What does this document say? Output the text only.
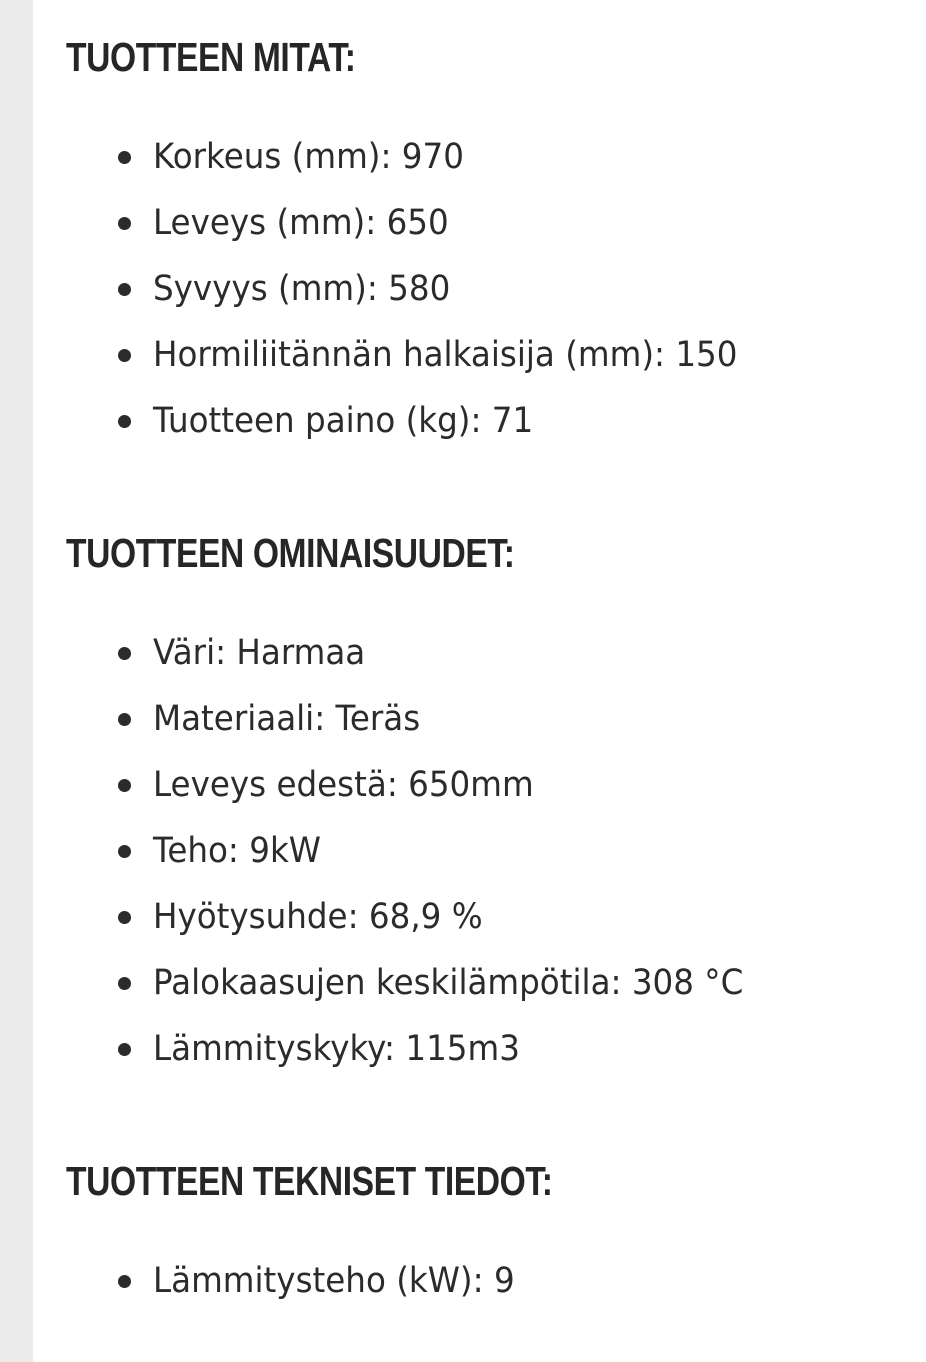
TUOTTEEN MITAT:
Korkeus (mm): 970
Leveys (mm): 650
Syvyys (mm): 580
Hormiliitännän halkaisija (mm): 150
Tuotteen paino (kg): 71
TUOTTEEN OMINAISUUDET:
Väri: Harmaa
Materiaali: Teräs
Leveys edestä: 650mm
Teho: 9kW
Hyötysuhde: 68,9 %
Palokaasujen keskilämpötila: 308 °C
Lämmityskyky: 115m3
TUOTTEEN TEKNISET TIEDOT:
Lämmitysteho (kW): 9
